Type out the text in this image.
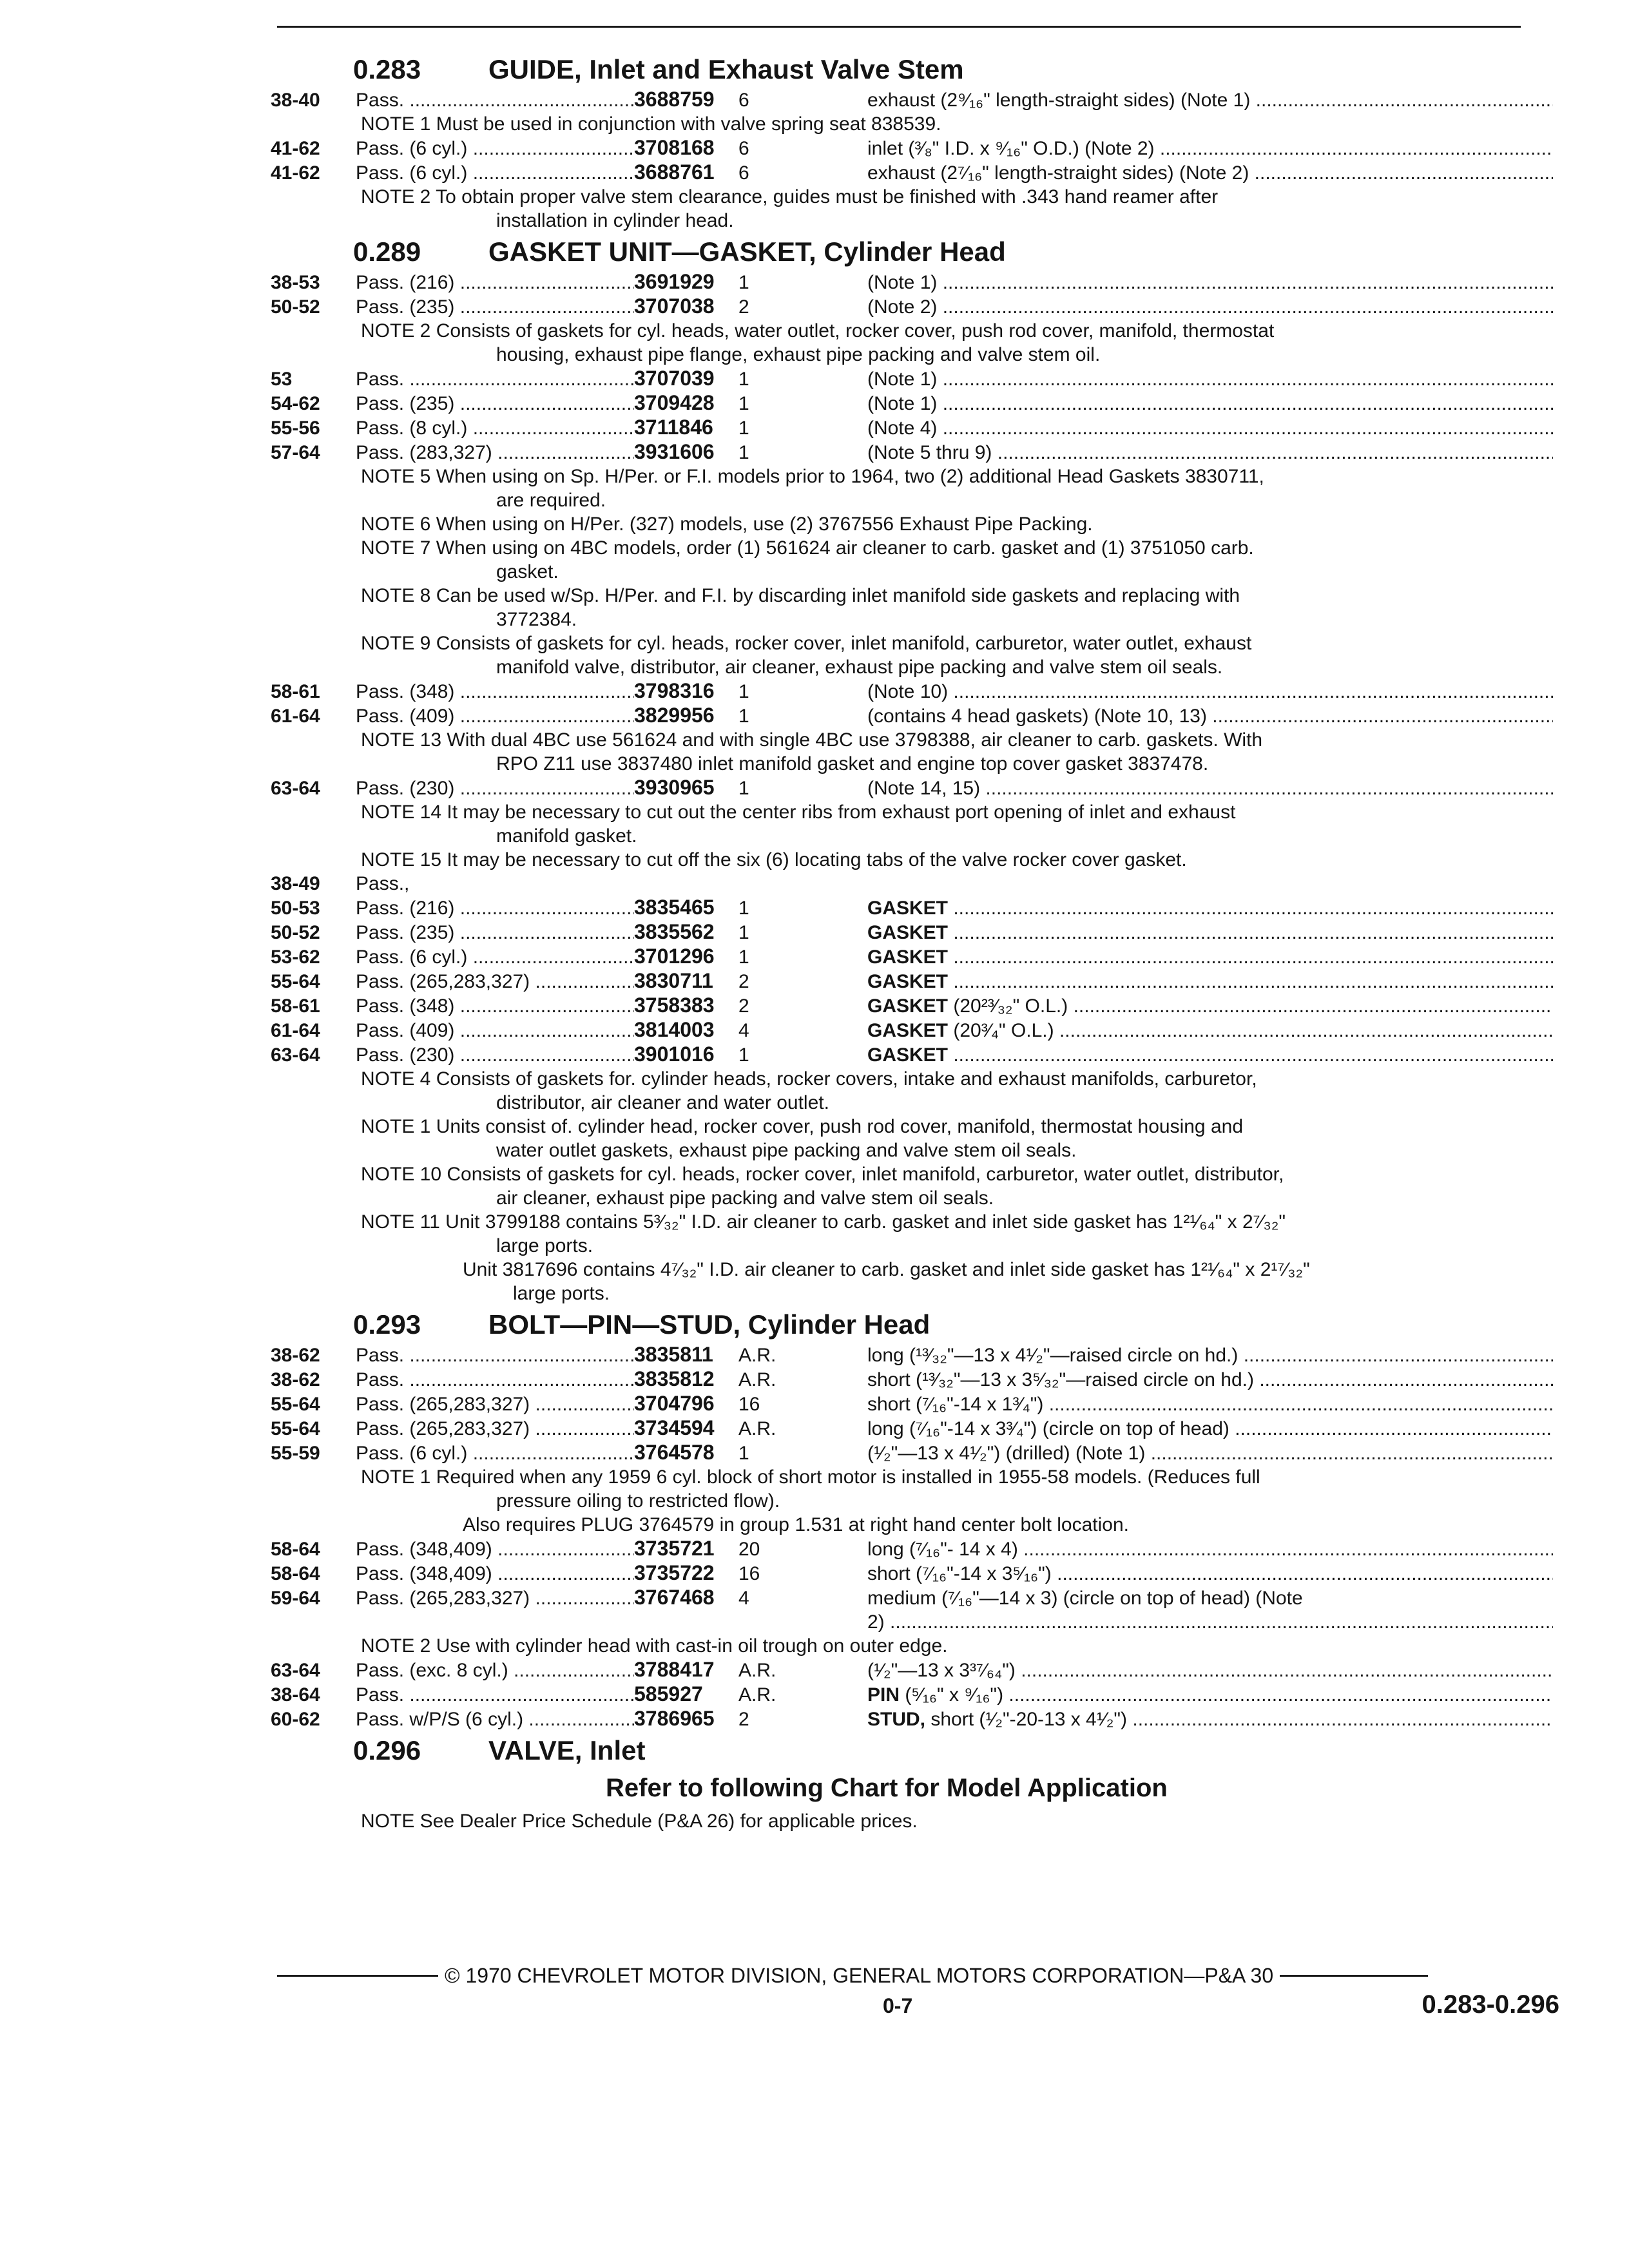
0.283	GUIDE, Inlet and Exhaust Valve Stem
38-40	Pass. .....	3688759	6	exhaust (2⁹⁄₁₆" length-straight sides) (Note 1) .....
NOTE 1 Must be used in conjunction with valve spring seat 838539.
41-62	Pass. (6 cyl.) .....	3708168	6	inlet (³⁄₈" I.D. x ⁹⁄₁₆" O.D.) (Note 2) .....
41-62	Pass. (6 cyl.) .....	3688761	6	exhaust (2⁷⁄₁₆" length-straight sides) (Note 2) .....
NOTE 2 To obtain proper valve stem clearance, guides must be finished with .343 hand reamer after
installation in cylinder head.
0.289	GASKET UNIT—GASKET, Cylinder Head
38-53	Pass. (216) .....	3691929	1	(Note 1) .....
50-52	Pass. (235) .....	3707038	2	(Note 2) .....
NOTE 2 Consists of gaskets for cyl. heads, water outlet, rocker cover, push rod cover, manifold, thermostat
housing, exhaust pipe flange, exhaust pipe packing and valve stem oil.
53	Pass. .....	3707039	1	(Note 1) .....
54-62	Pass. (235) .....	3709428	1	(Note 1) .....
55-56	Pass. (8 cyl.) .....	3711846	1	(Note 4) .....
57-64	Pass. (283,327) .....	3931606	1	(Note 5 thru 9) .....
NOTE 5 When using on Sp. H/Per. or F.I. models prior to 1964, two (2) additional Head Gaskets 3830711,
are required.
NOTE 6 When using on H/Per. (327) models, use (2) 3767556 Exhaust Pipe Packing.
NOTE 7 When using on 4BC models, order (1) 561624 air cleaner to carb. gasket and (1) 3751050 carb.
gasket.
NOTE 8 Can be used w/Sp. H/Per. and F.I. by discarding inlet manifold side gaskets and replacing with
3772384.
NOTE 9 Consists of gaskets for cyl. heads, rocker cover, inlet manifold, carburetor, water outlet, exhaust
manifold valve, distributor, air cleaner, exhaust pipe packing and valve stem oil seals.
58-61	Pass. (348) .....	3798316	1	(Note 10) .....
61-64	Pass. (409) .....	3829956	1	(contains 4 head gaskets) (Note 10, 13) .....
NOTE 13 With dual 4BC use 561624 and with single 4BC use 3798388, air cleaner to carb. gaskets. With
RPO Z11 use 3837480 inlet manifold gasket and engine top cover gasket 3837478.
63-64	Pass. (230) .....	3930965	1	(Note 14, 15) .....
NOTE 14 It may be necessary to cut out the center ribs from exhaust port opening of inlet and exhaust
manifold gasket.
NOTE 15 It may be necessary to cut off the six (6) locating tabs of the valve rocker cover gasket.
38-49	Pass.,
50-53	Pass. (216) .....	3835465	1	GASKET .....
50-52	Pass. (235) .....	3835562	1	GASKET .....
53-62	Pass. (6 cyl.) .....	3701296	1	GASKET .....
55-64	Pass. (265,283,327) .....	3830711	2	GASKET .....
58-61	Pass. (348) .....	3758383	2	GASKET (20²³⁄₃₂" O.L.) .....
61-64	Pass. (409) .....	3814003	4	GASKET (20³⁄₄" O.L.) .....
63-64	Pass. (230) .....	3901016	1	GASKET .....
NOTE 4 Consists of gaskets for. cylinder heads, rocker covers, intake and exhaust manifolds, carburetor,
distributor, air cleaner and water outlet.
NOTE 1 Units consist of. cylinder head, rocker cover, push rod cover, manifold, thermostat housing and
water outlet gaskets, exhaust pipe packing and valve stem oil seals.
NOTE 10 Consists of gaskets for cyl. heads, rocker cover, inlet manifold, carburetor, water outlet, distributor,
air cleaner, exhaust pipe packing and valve stem oil seals.
NOTE 11 Unit 3799188 contains 5³⁄₃₂" I.D. air cleaner to carb. gasket and inlet side gasket has 1²¹⁄₆₄" x 2⁷⁄₃₂"
large ports.
Unit 3817696 contains 4⁷⁄₃₂" I.D. air cleaner to carb. gasket and inlet side gasket has 1²¹⁄₆₄" x 2¹⁷⁄₃₂"
large ports.
0.293	BOLT—PIN—STUD, Cylinder Head
38-62	Pass. .....	3835811	A.R.	long (¹³⁄₃₂"—13 x 4¹⁄₂"—raised circle on hd.) .....
38-62	Pass. .....	3835812	A.R.	short (¹³⁄₃₂"—13 x 3⁵⁄₃₂"—raised circle on hd.) .....
55-64	Pass. (265,283,327) .....	3704796	16	short (⁷⁄₁₆"-14 x 1³⁄₄") .....
55-64	Pass. (265,283,327) .....	3734594	A.R.	long (⁷⁄₁₆"-14 x 3³⁄₄") (circle on top of head) .....
55-59	Pass. (6 cyl.) .....	3764578	1	(¹⁄₂"—13 x 4¹⁄₂") (drilled) (Note 1) .....
NOTE 1 Required when any 1959 6 cyl. block of short motor is installed in 1955-58 models. (Reduces full
pressure oiling to restricted flow).
Also requires PLUG 3764579 in group 1.531 at right hand center bolt location.
58-64	Pass. (348,409) .....	3735721	20	long (⁷⁄₁₆"- 14 x 4) .....
58-64	Pass. (348,409) .....	3735722	16	short (⁷⁄₁₆"-14 x 3⁵⁄₁₆") .....
59-64	Pass. (265,283,327) .....	3767468	4	medium (⁷⁄₁₆"—14 x 3) (circle on top of head) (Note
2) .....
NOTE 2 Use with cylinder head with cast-in oil trough on outer edge.
63-64	Pass. (exc. 8 cyl.) .....	3788417	A.R.	(¹⁄₂"—13 x 3³⁷⁄₆₄") .....
38-64	Pass. .....	585927	A.R.	PIN (⁵⁄₁₆" x ⁹⁄₁₆") .....
60-62	Pass. w/P/S (6 cyl.) .....	3786965	2	STUD, short (¹⁄₂"-20-13 x 4¹⁄₂") .....
0.296	VALVE, Inlet
Refer to following Chart for Model Application
NOTE See Dealer Price Schedule (P&A 26) for applicable prices.
© 1970 CHEVROLET MOTOR DIVISION, GENERAL MOTORS CORPORATION—P&A 30
0-7	0.283-0.296
